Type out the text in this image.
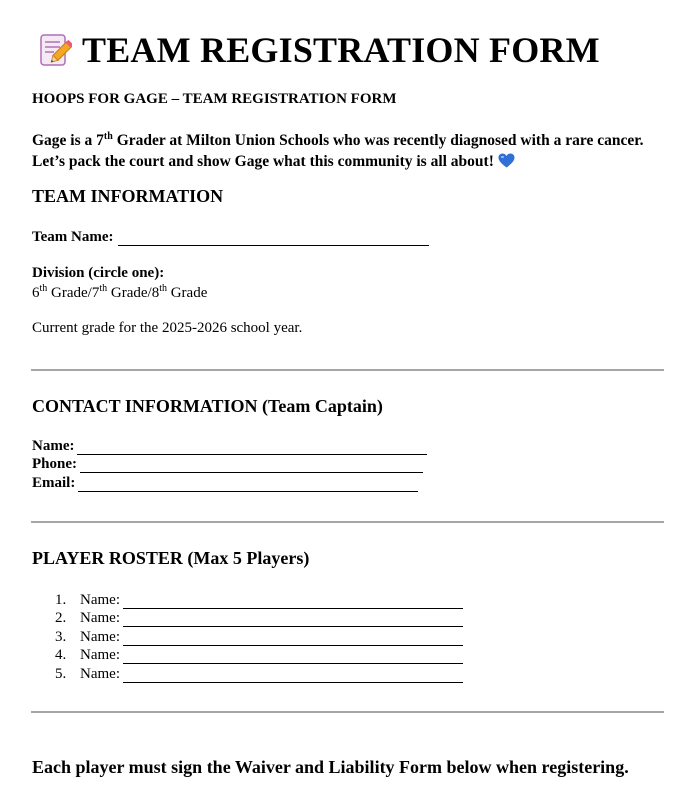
TEAM REGISTRATION FORM
HOOPS FOR GAGE – TEAM REGISTRATION FORM
Gage is a 7th Grader at Milton Union Schools who was recently diagnosed with a rare cancer. Let’s pack the court and show Gage what this community is all about!
TEAM INFORMATION
Team Name:
Division (circle one):
6th Grade/7th Grade/8th Grade
Current grade for the 2025-2026 school year.
CONTACT INFORMATION (Team Captain)
Name:
Phone:
Email:
PLAYER ROSTER (Max 5 Players)
1. Name:
2. Name:
3. Name:
4. Name:
5. Name:
Each player must sign the Waiver and Liability Form below when registering.
